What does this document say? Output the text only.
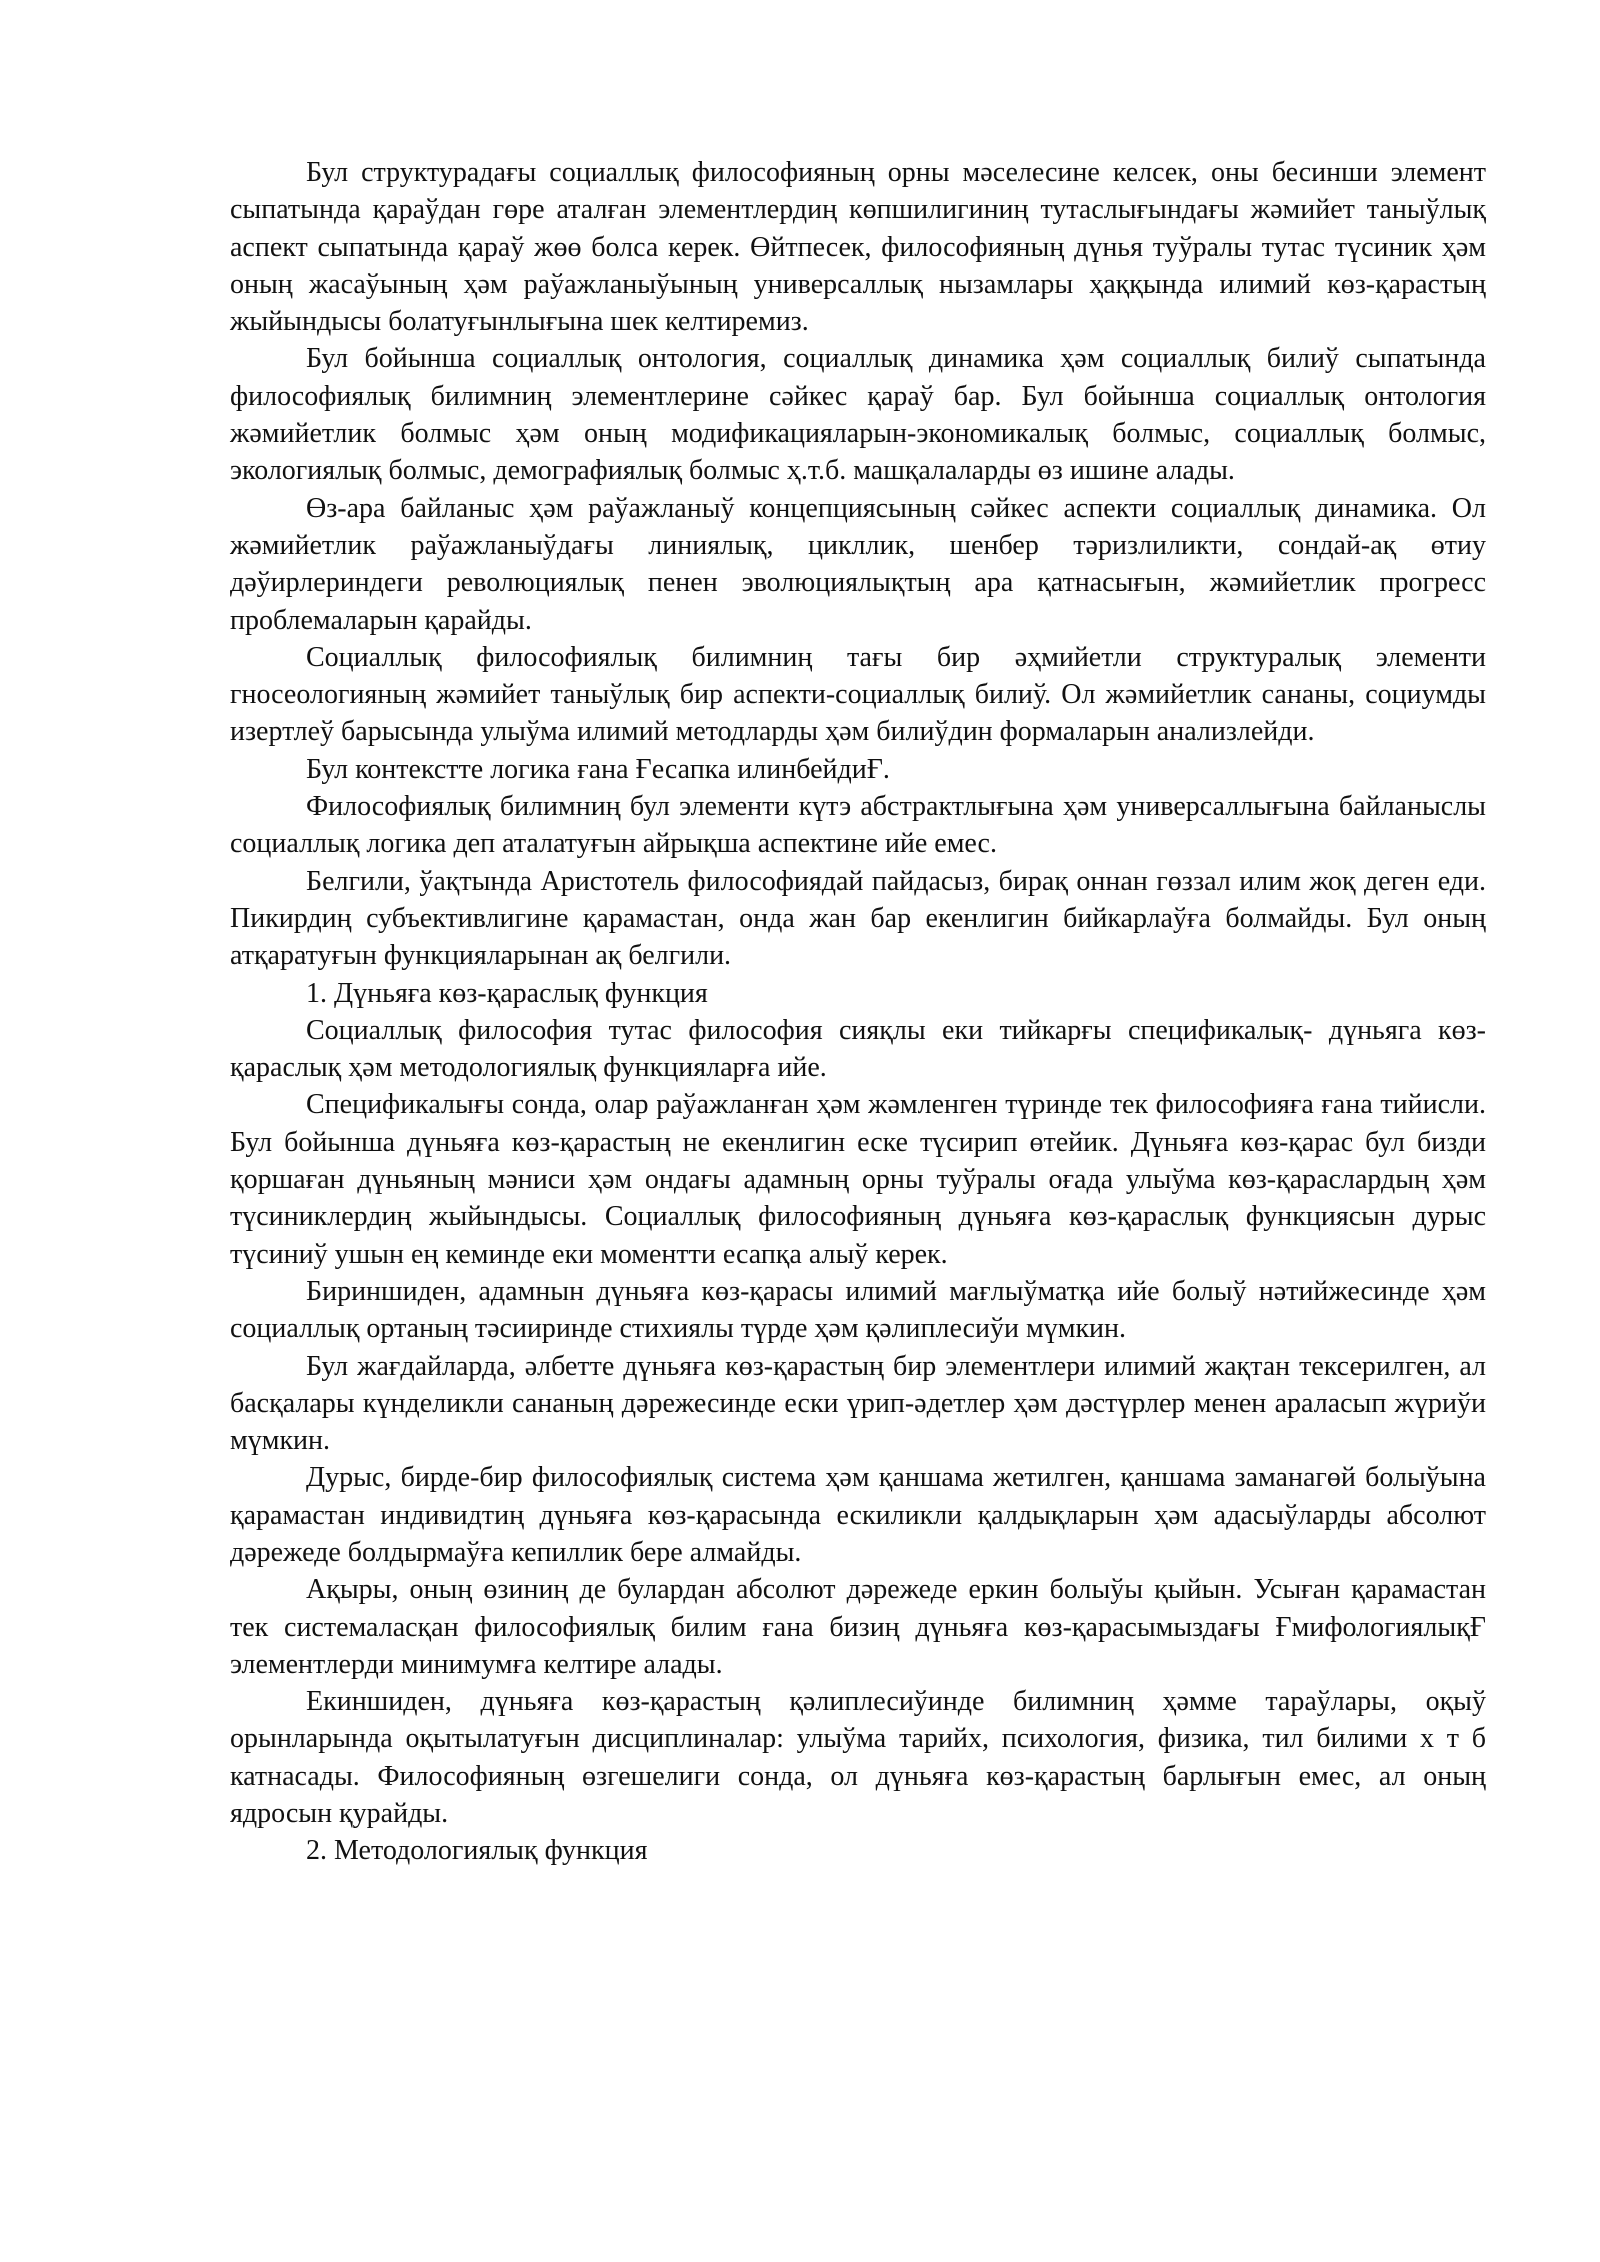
Бул структурадағы социаллық философияның орны мәселесине келсек, оны бесинши элемент сыпатында қараўдан гөре аталған элементлердиң көпшилигиниң тутаслығындағы жәмийет таныўлық аспект сыпатында қараў жөө болса керек. Өйтпесек, философияның дүнья туўралы тутас түсиник ҳәм оның жасаўының ҳәм раўажланыўының универсаллық нызамлары ҳаққында илимий көз-қарастың жыйындысы болатуғынлығына шек келтиремиз.

Бул бойынша социаллық онтология, социаллық динамика ҳәм социаллық билиў сыпатында философиялық билимниң элементлерине сәйкес қараў бар. Бул бойынша социаллық онтология жәмийетлик болмыс ҳәм оның модификацияларын-экономикалық болмыс, социаллық болмыс, экологиялық болмыс, демографиялық болмыс ҳ.т.б. машқалаларды өз ишине алады.

Өз-ара байланыс ҳәм раўажланыў концепциясының сәйкес аспекти социаллық динамика. Ол жәмийетлик раўажланыўдағы линиялық, цикллик, шенбер тәризлиликти, сондай-ақ өтиу дәўирлериндеги революциялық пенен эволюциялықтың ара қатнасығын, жәмийетлик прогресс проблемаларын қарайды.

Социаллық философиялық билимниң тағы бир әҳмийетли структуралық элементи гносеологияның жәмийет таныўлық бир аспекти-социаллық билиў. Ол жәмийетлик сананы, социумды изертлеў барысында улыўма илимий методларды ҳәм билиўдин формаларын анализлейди.

Бул контекстте логика ғана Ғесапка илинбейдиҒ.

Философиялық билимниң бул элементи күтэ абстрактлығына ҳәм универсаллығына байланыслы социаллық логика деп аталатуғын айрықша аспектине ийе емес.

Белгили, ўақтында Аристотель философиядай пайдасыз, бирақ оннан гөззал илим жоқ деген еди. Пикирдиң субъективлигине қарамастан, онда жан бар екенлигин бийкарлаўға болмайды. Бул оның атқаратуғын функцияларынан ақ белгили.

1. Дүньяға көз-қараслық функция

Социаллық философия тутас философия сияқлы еки тийкарғы спецификалық- дүньяга көз-қараслық ҳәм методологиялық функцияларға ийе.

Спецификалығы сонда, олар раўажланған ҳәм жәмленген түринде тек философияға ғана тийисли. Бул бойынша дүньяға көз-қарастың не екенлигин еске түсирип өтейик. Дүньяға көз-қарас бул бизди қоршаған дүньяның мәниси ҳәм ондағы адамның орны туўралы оғада улыўма көз-қараслардың ҳәм түсиниклердиң жыйындысы. Социаллық философияның дүньяға көз-қараслық функциясын дурыс түсиниў ушын ең кеминде еки моментти есапқа алыў керек.

Бириншиден, адамнын дүньяға көз-қарасы илимий мағлыўматқа ийе болыў нәтийжесинде ҳәм социаллық ортаның тәсииринде стихиялы түрде ҳәм қәлиплесиўи мүмкин.

Бул жағдайларда, әлбетте дүньяға көз-қарастың бир элементлери илимий жақтан тексерилген, ал басқалары күнделикли сананың дәрежесинде ески үрип-әдетлер ҳәм дәстүрлер менен араласып жүриўи мүмкин.

Дурыс, бирде-бир философиялық система ҳәм қаншама жетилген, қаншама заманагөй болыўына қарамастан индивидтиң дүньяға көз-қарасында ескиликли қалдықларын ҳәм адасыўларды абсолют дәрежеде болдырмаўға кепиллик бере алмайды.

Ақыры, оның өзиниң де булардан абсолют дәрежеде еркин болыўы қыйын. Усыған қарамастан тек системаласқан философиялық билим ғана бизиң дүньяға көз-қарасымыздағы ҒмифологиялықҒ элементлерди минимумға келтире алады.

Екиншиден, дүньяға көз-қарастың қәлиплесиўинде билимниң ҳәмме тараўлары, оқыў орынларында оқытылатуғын дисциплиналар: улыўма тарийх, психология, физика, тил билими х т б катнасады. Философияның өзгешелиги сонда, ол дүньяға көз-қарастың барлығын емес, ал оның ядросын қурайды.

2. Методологиялық функция
